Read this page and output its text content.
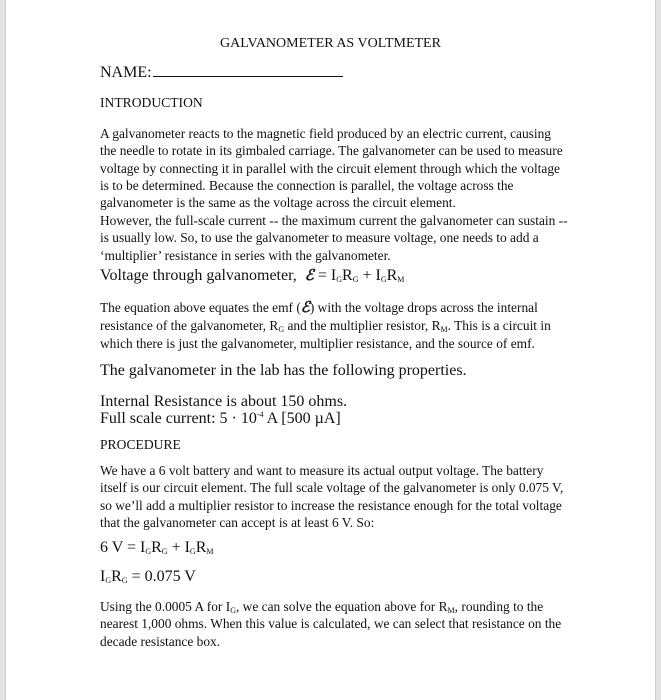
GALVANOMETER AS VOLTMETER
NAME:
INTRODUCTION
A galvanometer reacts to the magnetic field produced by an electric current, causing the needle to rotate in its gimbaled carriage. The galvanometer can be used to measure voltage by connecting it in parallel with the circuit element through which the voltage is to be determined. Because the connection is parallel, the voltage across the galvanometer is the same as the voltage across the circuit element.
However, the full-scale current -- the maximum current the galvanometer can sustain -- is usually low. So, to use the galvanometer to measure voltage, one needs to add a ‘multiplier’ resistance in series with the galvanometer.
Voltage through galvanometer, ℰ = $I_GR_G + I_GR_M$
The equation above equates the emf (ℰ) with the voltage drops across the internal resistance of the galvanometer, $R_G$ and the multiplier resistor, $R_M$. This is a circuit in which there is just the galvanometer, multiplier resistance, and the source of emf.
The galvanometer in the lab has the following properties.
Internal Resistance is about 150 ohms.
Full scale current: $5 \cdot 10^{-4}$ A [500 µA]
PROCEDURE
We have a 6 volt battery and want to measure its actual output voltage. The battery itself is our circuit element. The full scale voltage of the galvanometer is only 0.075 V, so we’ll add a multiplier resistor to increase the resistance enough for the total voltage that the galvanometer can accept is at least 6 V. So:
6 $V = I_GR_G + I_GR_M$
$I_GR_G = 0.075$ V
Using the 0.0005 A for $I_G$, we can solve the equation above for $R_M$, rounding to the nearest 1,000 ohms. When this value is calculated, we can select that resistance on the decade resistance box.
